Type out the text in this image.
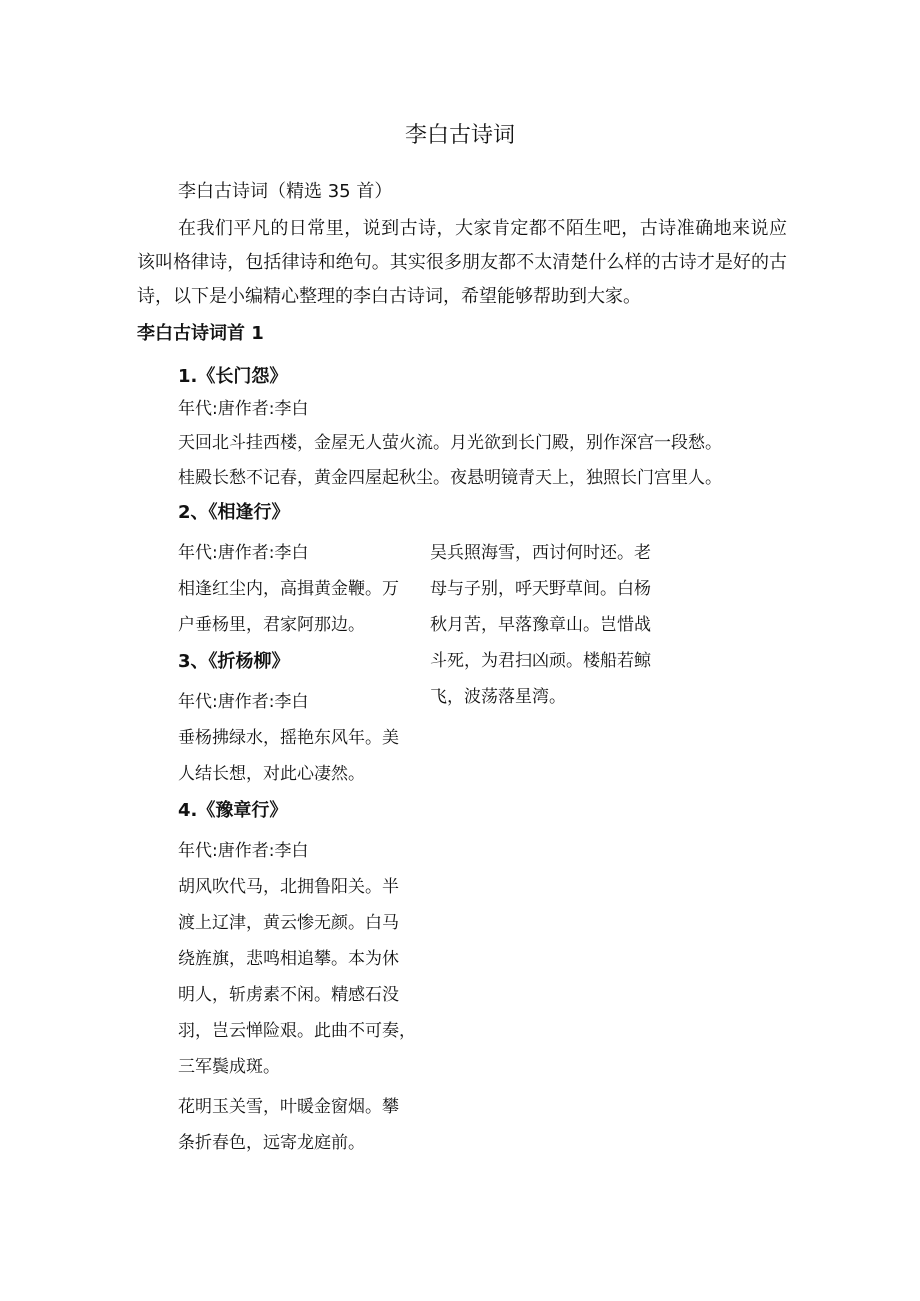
李白古诗词
李白古诗词（精选 35 首）
在我们平凡的日常里，说到古诗，大家肯定都不陌生吧，古诗准确地来说应该叫格律诗，包括律诗和绝句。其实很多朋友都不太清楚什么样的古诗才是好的古诗，以下是小编精心整理的李白古诗词，希望能够帮助到大家。
李白古诗词首 1
1.《长门怨》
年代:唐作者:李白
天回北斗挂西楼，金屋无人萤火流。月光欲到长门殿，别作深宫一段愁。
桂殿长愁不记春，黄金四屋起秋尘。夜悬明镜青天上，独照长门宫里人。
2、《相逢行》
年代:唐作者:李白
相逢红尘内，高揖黄金鞭。万
户垂杨里，君家阿那边。
3、《折杨柳》
年代:唐作者:李白
垂杨拂绿水，摇艳东风年。美
人结长想，对此心凄然。
4.《豫章行》
年代:唐作者:李白
胡风吹代马，北拥鲁阳关。半
渡上辽津，黄云惨无颜。白马
绕旌旗，悲鸣相追攀。本为休
明人，斩虏素不闲。精感石没
羽，岂云惮险艰。此曲不可奏，
三军鬓成斑。
花明玉关雪，叶暖金窗烟。攀
条折春色，远寄龙庭前。
吴兵照海雪，西讨何时还。老
母与子别，呼天野草间。白杨
秋月苦，早落豫章山。岂惜战
斗死，为君扫凶顽。楼船若鲸
飞，波荡落星湾。
